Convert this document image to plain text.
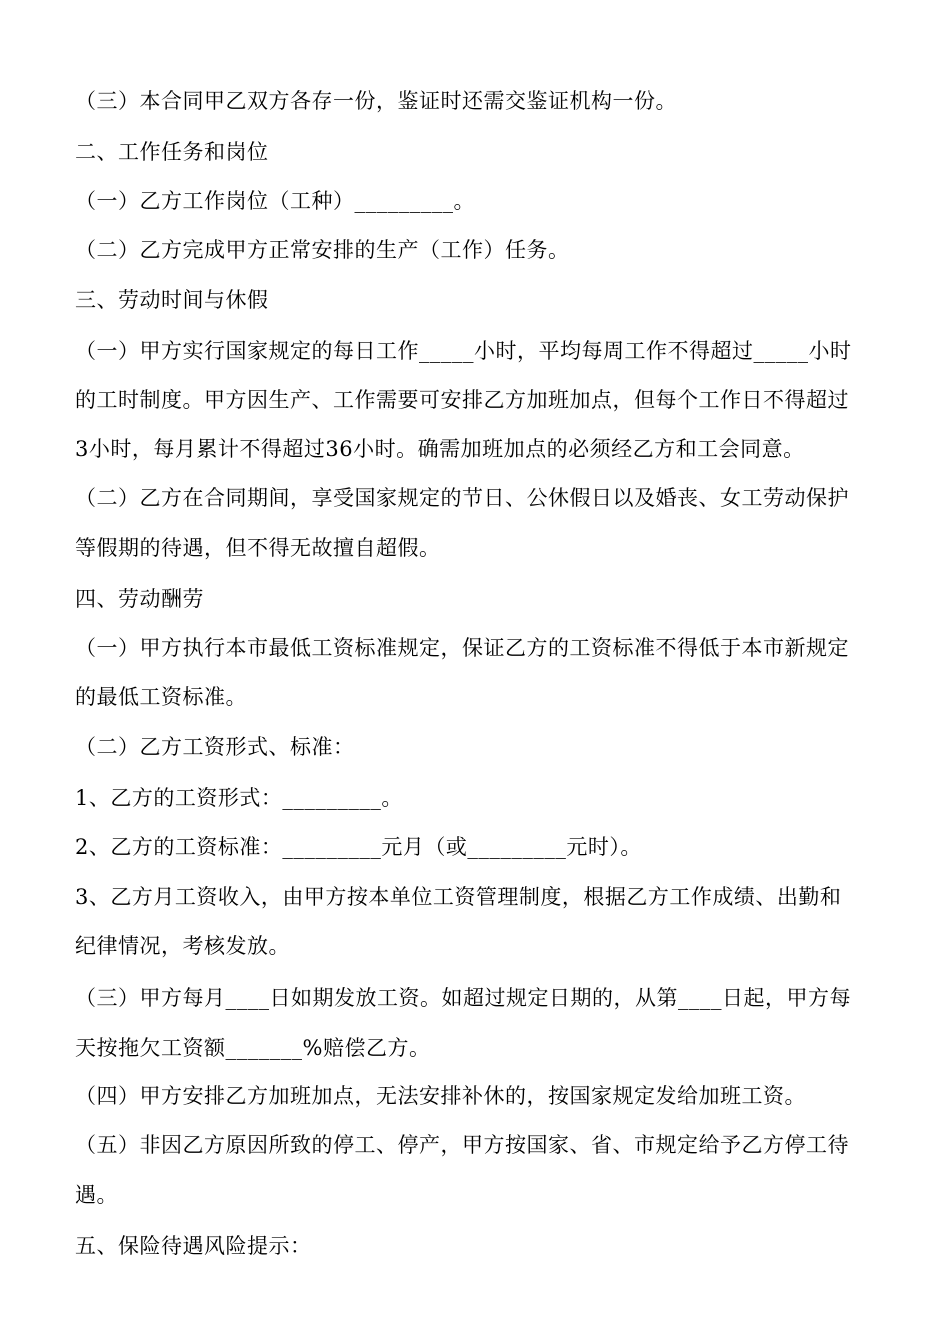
（三）本合同甲乙双方各存一份，鉴证时还需交鉴证机构一份。
二、工作任务和岗位
（一）乙方工作岗位（工种）_________。
（二）乙方完成甲方正常安排的生产（工作）任务。
三、劳动时间与休假
（一）甲方实行国家规定的每日工作_____小时，平均每周工作不得超过_____小时
的工时制度。甲方因生产、工作需要可安排乙方加班加点，但每个工作日不得超过
3小时，每月累计不得超过36小时。确需加班加点的必须经乙方和工会同意。
（二）乙方在合同期间，享受国家规定的节日、公休假日以及婚丧、女工劳动保护
等假期的待遇，但不得无故擅自超假。
四、劳动酬劳
（一）甲方执行本市最低工资标准规定，保证乙方的工资标准不得低于本市新规定
的最低工资标准。
（二）乙方工资形式、标准：
1、乙方的工资形式：_________。
2、乙方的工资标准：_________元月（或_________元时）。
3、乙方月工资收入，由甲方按本单位工资管理制度，根据乙方工作成绩、出勤和
纪律情况，考核发放。
（三）甲方每月____日如期发放工资。如超过规定日期的，从第____日起，甲方每
天按拖欠工资额_______%赔偿乙方。
（四）甲方安排乙方加班加点，无法安排补休的，按国家规定发给加班工资。
（五）非因乙方原因所致的停工、停产，甲方按国家、省、市规定给予乙方停工待
遇。
五、保险待遇风险提示：
